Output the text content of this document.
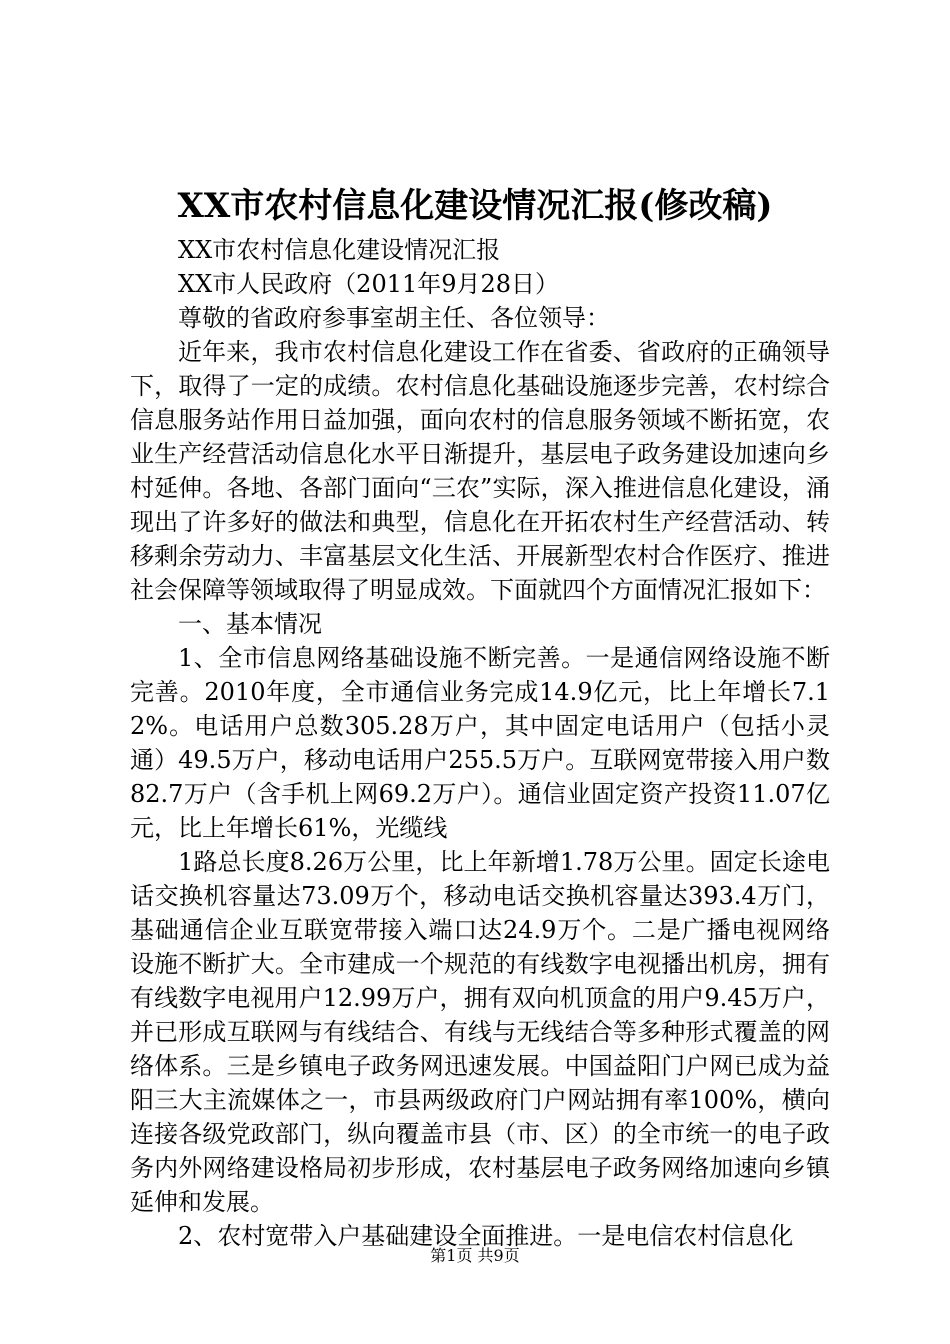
XX市农村信息化建设情况汇报(修改稿)

XX市农村信息化建设情况汇报

XX市人民政府（2011年9月28日）

尊敬的省政府参事室胡主任、各位领导：

近年来，我市农村信息化建设工作在省委、省政府的正确领导下，取得了一定的成绩。农村信息化基础设施逐步完善，农村综合信息服务站作用日益加强，面向农村的信息服务领域不断拓宽，农业生产经营活动信息化水平日渐提升，基层电子政务建设加速向乡村延伸。各地、各部门面向“三农”实际，深入推进信息化建设，涌现出了许多好的做法和典型，信息化在开拓农村生产经营活动、转移剩余劳动力、丰富基层文化生活、开展新型农村合作医疗、推进社会保障等领域取得了明显成效。下面就四个方面情况汇报如下：

一、基本情况

1、全市信息网络基础设施不断完善。一是通信网络设施不断完善。2010年度，全市通信业务完成14.9亿元，比上年增长7.12%。电话用户总数305.28万户，其中固定电话用户（包括小灵通）49.5万户，移动电话用户255.5万户。互联网宽带接入用户数82.7万户（含手机上网69.2万户）。通信业固定资产投资11.07亿元，比上年增长61%，光缆线

1路总长度8.26万公里，比上年新增1.78万公里。固定长途电话交换机容量达73.09万个，移动电话交换机容量达393.4万门，基础通信企业互联宽带接入端口达24.9万个。二是广播电视网络设施不断扩大。全市建成一个规范的有线数字电视播出机房，拥有有线数字电视用户12.99万户，拥有双向机顶盒的用户9.45万户，并已形成互联网与有线结合、有线与无线结合等多种形式覆盖的网络体系。三是乡镇电子政务网迅速发展。中国益阳门户网已成为益阳三大主流媒体之一，市县两级政府门户网站拥有率100%，横向连接各级党政部门，纵向覆盖市县（市、区）的全市统一的电子政务内外网络建设格局初步形成，农村基层电子政务网络加速向乡镇延伸和发展。

2、农村宽带入户基础建设全面推进。一是电信农村信息化

第1页 共9页
